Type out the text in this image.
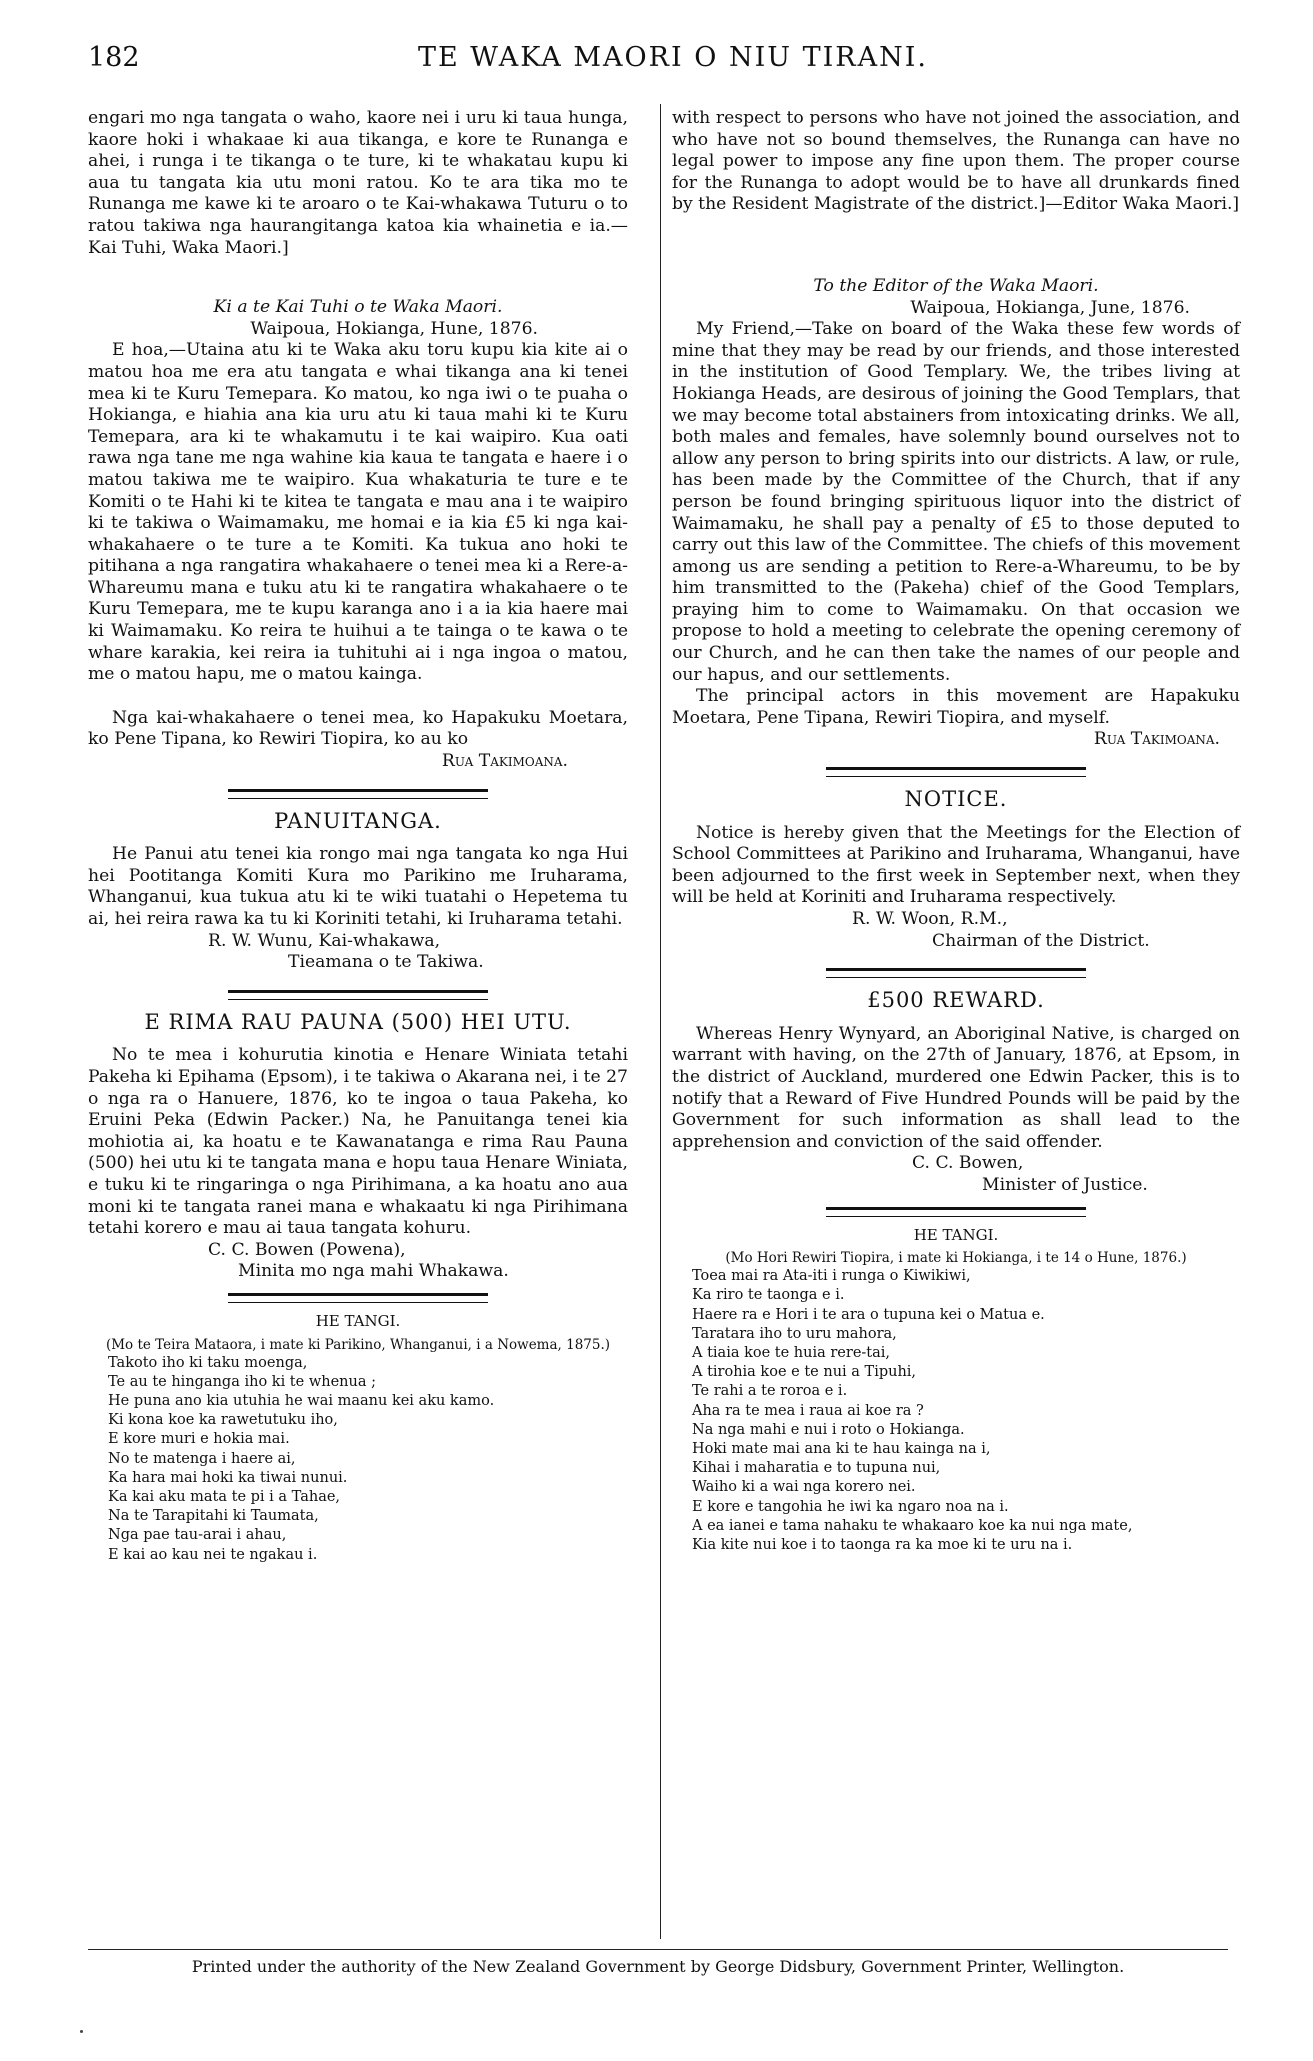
182	TE WAKA MAORI O NIU TIRANI.

engari mo nga tangata o waho, kaore nei i uru ki taua hunga, kaore hoki i whakaae ki aua tikanga, e kore te Runanga e ahei, i runga i te tikanga o te ture, ki te whakatau kupu ki aua tu tangata kia utu moni ratou. Ko te ara tika mo te Runanga me kawe ki te aroaro o te Kai-whakawa Tuturu o to ratou takiwa nga haurangitanga katoa kia whainetia e ia.—Kai Tuhi, Waka Maori.]

Ki a te Kai Tuhi o te Waka Maori.

Waipoua, Hokianga, Hune, 1876.

E hoa,—Utaina atu ki te Waka aku toru kupu kia kite ai o matou hoa me era atu tangata e whai tikanga ana ki tenei mea ki te Kuru Temepara. Ko matou, ko nga iwi o te puaha o Hokianga, e hiahia ana kia uru atu ki taua mahi ki te Kuru Temepara, ara ki te whakamutu i te kai waipiro. Kua oati rawa nga tane me nga wahine kia kaua te tangata e haere i o matou takiwa me te waipiro. Kua whakaturia te ture e te Komiti o te Hahi ki te kitea te tangata e mau ana i te waipiro ki te takiwa o Waimamaku, me homai e ia kia £5 ki nga kai-whakahaere o te ture a te Komiti. Ka tukua ano hoki te pitihana a nga rangatira whakahaere o tenei mea ki a Rere-a-Whareumu mana e tuku atu ki te rangatira whakahaere o te Kuru Temepara, me te kupu karanga ano i a ia kia haere mai ki Waimamaku. Ko reira te huihui a te tainga o te kawa o te whare karakia, kei reira ia tuhituhi ai i nga ingoa o matou, me o matou hapu, me o matou kainga.

Nga kai-whakahaere o tenei mea, ko Hapakuku Moetara, ko Pene Tipana, ko Rewiri Tiopira, ko au ko

Rua Takimoana.

PANUITANGA.

He Panui atu tenei kia rongo mai nga tangata ko nga Hui hei Pootitanga Komiti Kura mo Parikino me Iruharama, Whanganui, kua tukua atu ki te wiki tuatahi o Hepetema tu ai, hei reira rawa ka tu ki Koriniti tetahi, ki Iruharama tetahi.

R. W. Wunu, Kai-whakawa,

Tieamana o te Takiwa.

E RIMA RAU PAUNA (500) HEI UTU.

No te mea i kohurutia kinotia e Henare Winiata tetahi Pakeha ki Epihama (Epsom), i te takiwa o Akarana nei, i te 27 o nga ra o Hanuere, 1876, ko te ingoa o taua Pakeha, ko Eruini Peka (Edwin Packer.) Na, he Panuitanga tenei kia mohiotia ai, ka hoatu e te Kawanatanga e rima Rau Pauna (500) hei utu ki te tangata mana e hopu taua Henare Winiata, e tuku ki te ringaringa o nga Pirihimana, a ka hoatu ano aua moni ki te tangata ranei mana e whakaatu ki nga Pirihimana tetahi korero e mau ai taua tangata kohuru.

C. C. Bowen (Powena),

Minita mo nga mahi Whakawa.

HE TANGI.
(Mo te Teira Mataora, i mate ki Parikino, Whanganui, i a Nowema, 1875.)
Takoto iho ki taku moenga,
Te au te hinganga iho ki te whenua ;
He puna ano kia utuhia he wai maanu kei aku kamo.
Ki kona koe ka rawetutuku iho,
E kore muri e hokia mai.
No te matenga i haere ai,
Ka hara mai hoki ka tiwai nunui.
Ka kai aku mata te pi i a Tahae,
Na te Tarapitahi ki Taumata,
Nga pae tau-arai i ahau,
E kai ao kau nei te ngakau i.

with respect to persons who have not joined the association, and who have not so bound themselves, the Runanga can have no legal power to impose any fine upon them. The proper course for the Runanga to adopt would be to have all drunkards fined by the Resident Magistrate of the district.]—Editor Waka Maori.]

To the Editor of the Waka Maori.

Waipoua, Hokianga, June, 1876.

My Friend,—Take on board of the Waka these few words of mine that they may be read by our friends, and those interested in the institution of Good Templary. We, the tribes living at Hokianga Heads, are desirous of joining the Good Templars, that we may become total abstainers from intoxicating drinks. We all, both males and females, have solemnly bound ourselves not to allow any person to bring spirits into our districts. A law, or rule, has been made by the Committee of the Church, that if any person be found bringing spirituous liquor into the district of Waimamaku, he shall pay a penalty of £5 to those deputed to carry out this law of the Committee. The chiefs of this movement among us are sending a petition to Rere-a-Whareumu, to be by him transmitted to the (Pakeha) chief of the Good Templars, praying him to come to Waimamaku. On that occasion we propose to hold a meeting to celebrate the opening ceremony of our Church, and he can then take the names of our people and our hapus, and our settlements.

The principal actors in this movement are Hapakuku Moetara, Pene Tipana, Rewiri Tiopira, and myself.

Rua Takimoana.

NOTICE.

Notice is hereby given that the Meetings for the Election of School Committees at Parikino and Iruharama, Whanganui, have been adjourned to the first week in September next, when they will be held at Koriniti and Iruharama respectively.

R. W. Woon, R.M.,

Chairman of the District.

£500 REWARD.

Whereas Henry Wynyard, an Aboriginal Native, is charged on warrant with having, on the 27th of January, 1876, at Epsom, in the district of Auckland, murdered one Edwin Packer, this is to notify that a Reward of Five Hundred Pounds will be paid by the Government for such information as shall lead to the apprehension and conviction of the said offender.

C. C. Bowen,

Minister of Justice.

HE TANGI.
(Mo Hori Rewiri Tiopira, i mate ki Hokianga, i te 14 o Hune, 1876.)
Toea mai ra Ata-iti i runga o Kiwikiwi,
Ka riro te taonga e i.
Haere ra e Hori i te ara o tupuna kei o Matua e.
Taratara iho to uru mahora,
A tiaia koe te huia rere-tai,
A tirohia koe e te nui a Tipuhi,
Te rahi a te roroa e i.
Aha ra te mea i raua ai koe ra ?
Na nga mahi e nui i roto o Hokianga.
Hoki mate mai ana ki te hau kainga na i,
Kihai i maharatia e to tupuna nui,
Waiho ki a wai nga korero nei.
E kore e tangohia he iwi ka ngaro noa na i.
A ea ianei e tama nahaku te whakaaro koe ka nui nga mate,
Kia kite nui koe i to taonga ra ka moe ki te uru na i.
Printed under the authority of the New Zealand Government by George Didsbury, Government Printer, Wellington.
